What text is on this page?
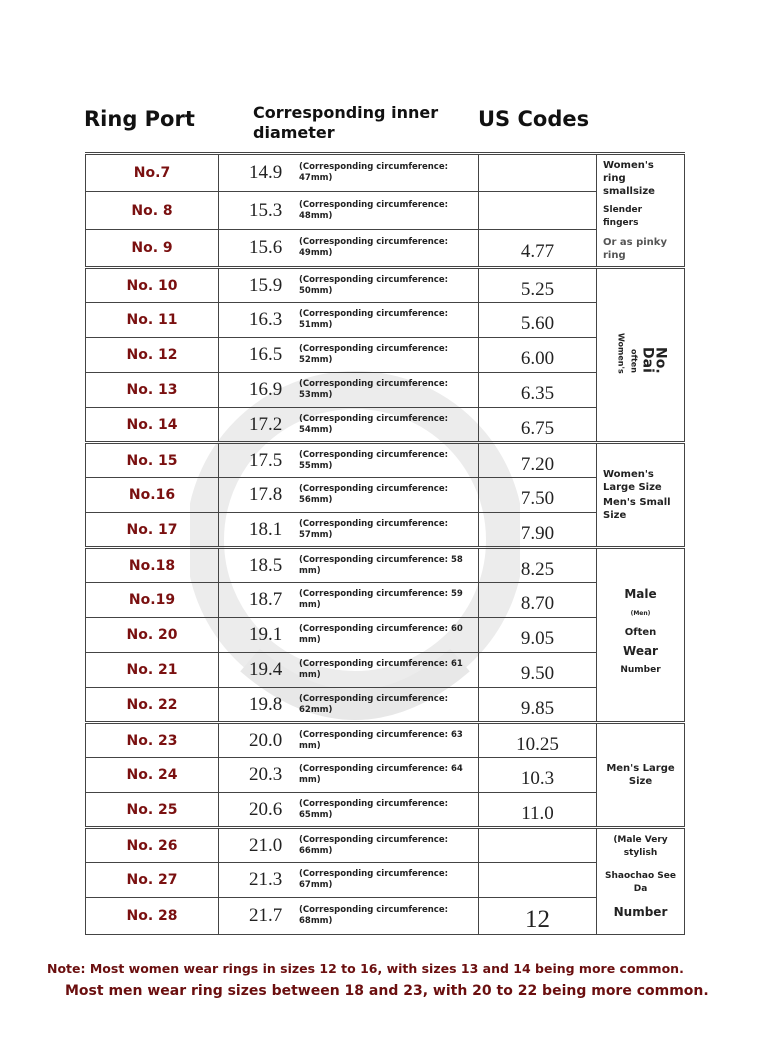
Ring Port	Corresponding inner diameter
US Codes
No.7	14.9 (Corresponding circumference: 47mm)		Women's ring smallsize
Slender fingers
Or as pinky ring

No. 8	15.3 (Corresponding circumference: 48mm)		

No. 9	15.6 (Corresponding circumference: 49mm)	4.77	
No. 10	15.9 (Corresponding circumference: 50mm)	5.25	Women's oftenDaiNo.
No. 11	16.3 (Corresponding circumference: 51mm)	5.60	
No. 12	16.5 (Corresponding circumference: 52mm)	6.00	
No. 13	16.9 (Corresponding circumference: 53mm)	6.35	
No. 14	17.2 (Corresponding circumference: 54mm)	6.75	
No. 15	17.5 (Corresponding circumference: 55mm)	7.20	Women's Large Size
Men's Small Size

No.16	17.8 (Corresponding circumference: 56mm)	7.50	
No. 17	18.1 (Corresponding circumference: 57mm)	7.90	
No.18	18.5 (Corresponding circumference: 58 mm)	8.25	Male
(Men)
Often
Wear
Number

No.19	18.7 (Corresponding circumference: 59 mm)	8.70	
No. 20	19.1 (Corresponding circumference: 60 mm)	9.05	
No. 21	19.4 (Corresponding circumference: 61 mm)	9.50	
No. 22	19.8 (Corresponding circumference: 62mm)	9.85	
No. 23	20.0 (Corresponding circumference: 63 mm)	10.25	Men's Large Size

No. 24	20.3 (Corresponding circumference: 64 mm)	10.3	
No. 25	20.6 (Corresponding circumference: 65mm)	11.0	
No. 26	21.0 (Corresponding circumference: 66mm)		(Male Very stylish
Shaochao See Da
Number

No. 27	21.3 (Corresponding circumference: 67mm)		

No. 28	21.7 (Corresponding circumference: 68mm)	12	
Note: Most women wear rings in sizes 12 to 16, with sizes 13 and 14 being more common.
Most men wear ring sizes between 18 and 23, with 20 to 22 being more common.
